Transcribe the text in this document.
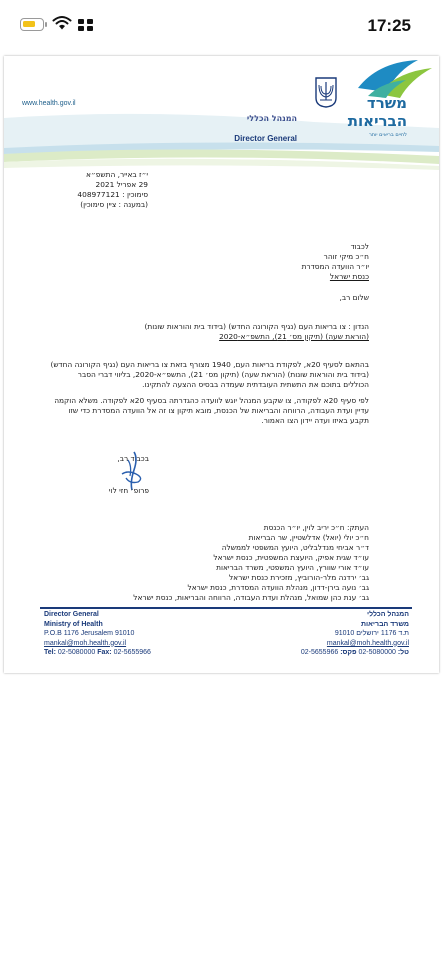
17:25
www.health.gov.il
המנהל הכללי
Director General
משרד
הבריאות
לחיים בריאים יותר
י״ז באייר, התשפ״א
29 אפריל 2021
סימוכין : 408977121
(במענה : ציין סימוכין)
לכבוד
ח״כ מיקי זוהר
יו״ר הוועדה המסדרת
כנסת ישראל
שלום רב,
הנדון : צו בריאות העם (נגיף הקורונה החדש) (בידוד בית והוראות שונות)
(הוראת שעה) (תיקון מס׳ 21), התשפ״א-2020
בהתאם לסעיף 20א, לפקודת בריאות העם, 1940 מצורף בזאת צו בריאות העם (נגיף הקורונה החדש)
(בידוד בית והוראות שונות) (הוראת שעה) (תיקון מס׳ 21), התשפ״א-2020, בליווי דברי הסבר
הכוללים בתוכם את התשתית העובדתית שעמדה בבסיס ההצעה להתקינו.
לפי סעיף 20א לפקודה, צו שקבע המנהל יוגש לוועדה כהגדרתה בסעיף 20א לפקודה. משלא הוקמה
עדיין ועדת העבודה, הרווחה והבריאות של הכנסת, מובא תיקון צו זה אל הוועדה המסדרת כדי שזו
תקבע באיזו ועדה יידון הצו האמור.
בכבוד רב,
פרופ׳ חזי לוי
העתק: ח״כ יריב לוין, יו״ר הכנסת
ח״כ יולי (יואל) אדלשטיין, שר הבריאות
ד״ר אביחי מנדלבליט, היועץ המשפטי לממשלה
עו״ד שגית אפיק, היועצת המשפטית, כנסת ישראל
עו״ד אורי שוורץ, היועץ המשפטי, משרד הבריאות
גב׳ ירדנה מלר-הורוביץ, מזכירת כנסת ישראל
גב׳ נועה בירן-דדון, מנהלת הוועדה המסדרת, כנסת ישראל
גב׳ ענת כהן שמואל, מנהלת ועדת העבודה, הרווחה והבריאות, כנסת ישראל
Director General
Ministry of Health
P.O.B 1176 Jerusalem 91010
mankal@moh.health.gov.il
Tel: 02-5080000 Fax: 02-5655966
המנהל הכללי
משרד הבריאות
ת.ד 1176 ירושלים 91010
mankal@moh.health.gov.il
טל: 02-5080000 פקס: 02-5655966
